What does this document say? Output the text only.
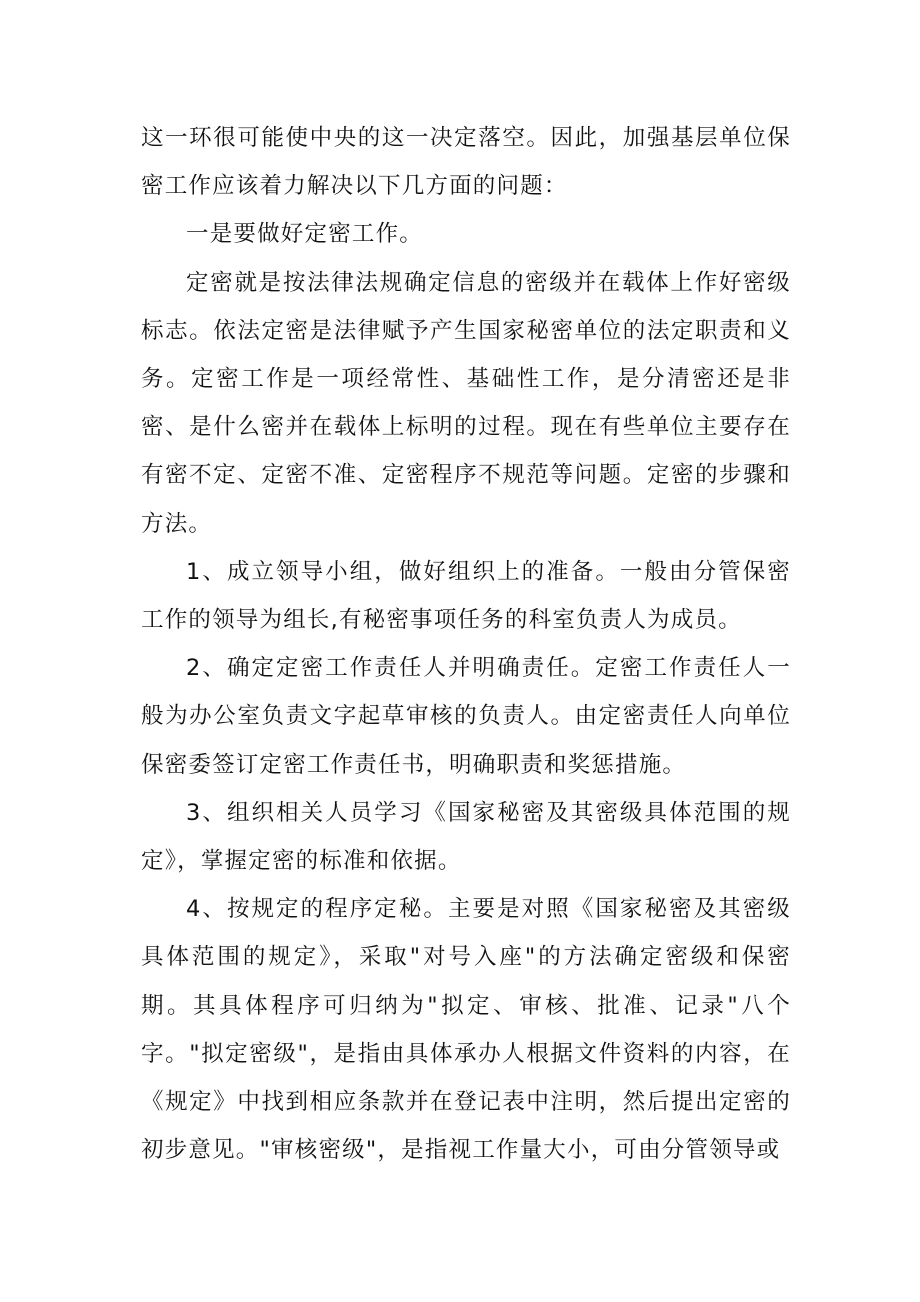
这一环很可能使中央的这一决定落空。因此，加强基层单位保密工作应该着力解决以下几方面的问题：

一是要做好定密工作。

定密就是按法律法规确定信息的密级并在载体上作好密级标志。依法定密是法律赋予产生国家秘密单位的法定职责和义务。定密工作是一项经常性、基础性工作，是分清密还是非密、是什么密并在载体上标明的过程。现在有些单位主要存在有密不定、定密不准、定密程序不规范等问题。定密的步骤和方法。

1、成立领导小组，做好组织上的准备。一般由分管保密工作的领导为组长,有秘密事项任务的科室负责人为成员。

2、确定定密工作责任人并明确责任。定密工作责任人一般为办公室负责文字起草审核的负责人。由定密责任人向单位保密委签订定密工作责任书，明确职责和奖惩措施。

3、组织相关人员学习《国家秘密及其密级具体范围的规定》，掌握定密的标准和依据。

4、按规定的程序定秘。主要是对照《国家秘密及其密级具体范围的规定》，采取"对号入座"的方法确定密级和保密期。其具体程序可归纳为"拟定、审核、批准、记录"八个字。"拟定密级"，是指由具体承办人根据文件资料的内容，在《规定》中找到相应条款并在登记表中注明，然后提出定密的初步意见。"审核密级"，是指视工作量大小，可由分管领导或
